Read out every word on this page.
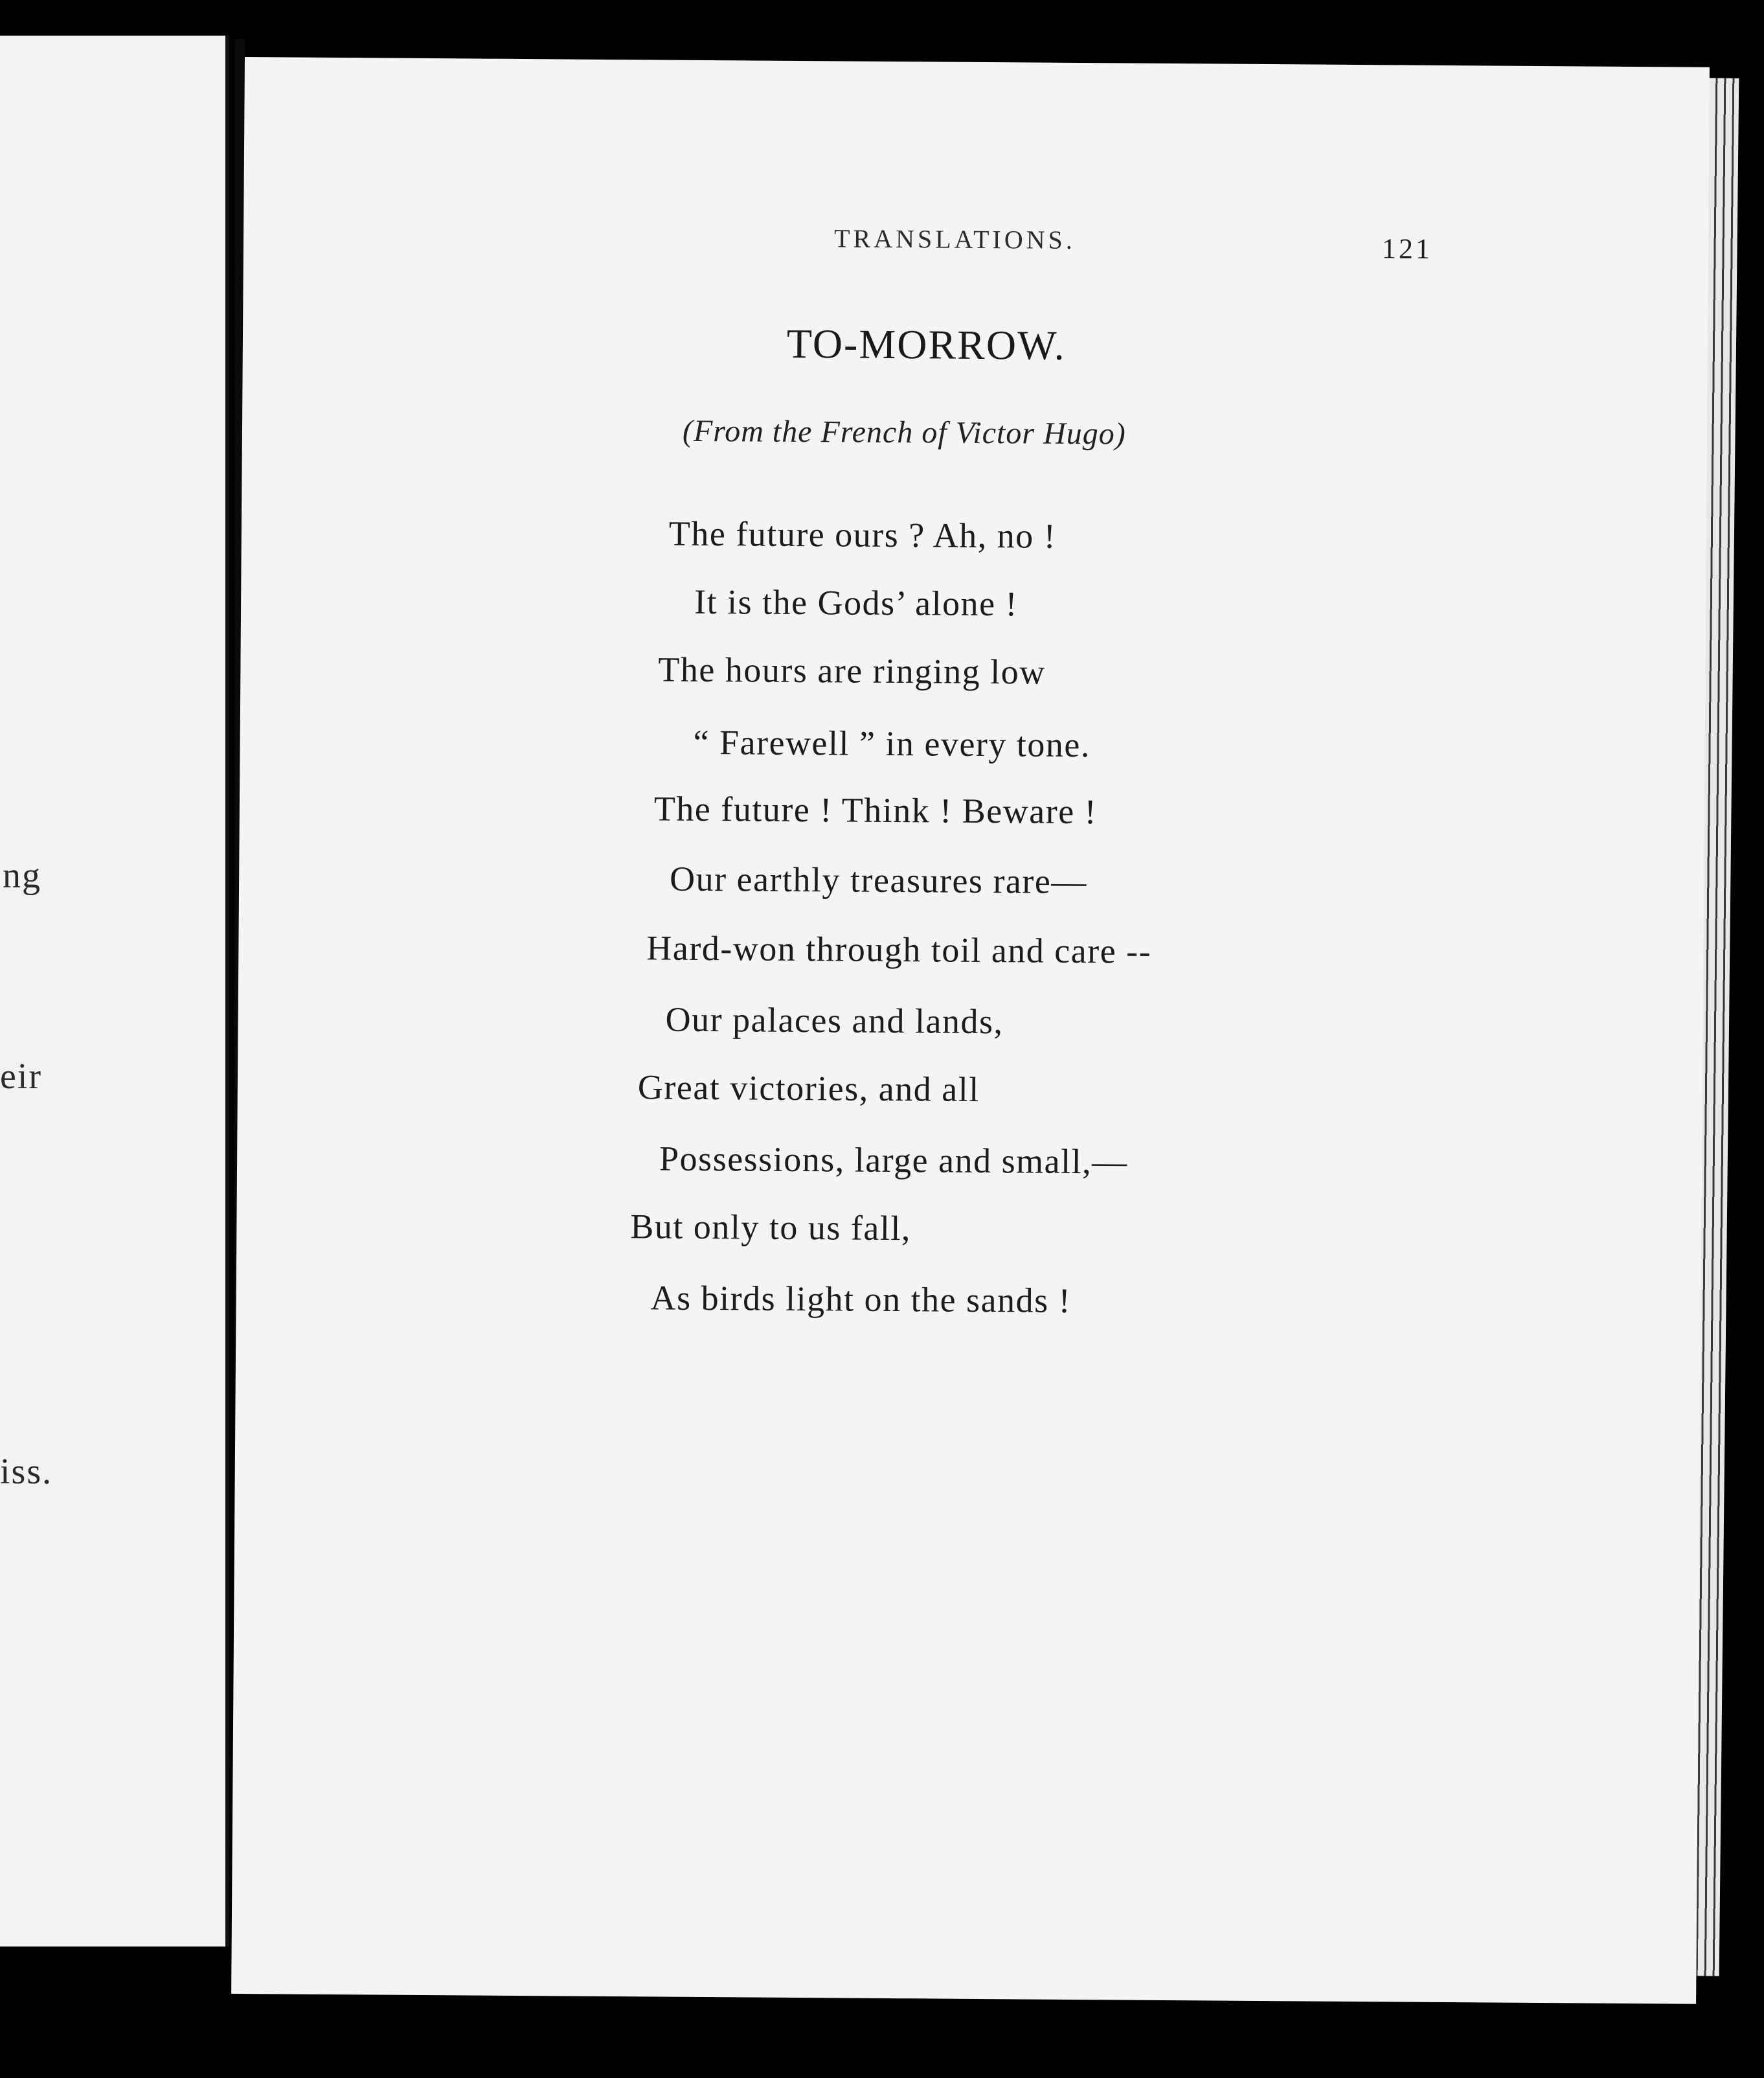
ng
eir
iss.
TRANSLATIONS.	121
TO-MORROW.
(From the French of Victor Hugo)
The future ours ? Ah, no !
It is the Gods’ alone !
The hours are ringing low
“ Farewell ” in every tone.
The future ! Think ! Beware !
Our earthly treasures rare—
Hard-won through toil and care --
Our palaces and lands,
Great victories, and all
Possessions, large and small,—
But only to us fall,
As birds light on the sands !
